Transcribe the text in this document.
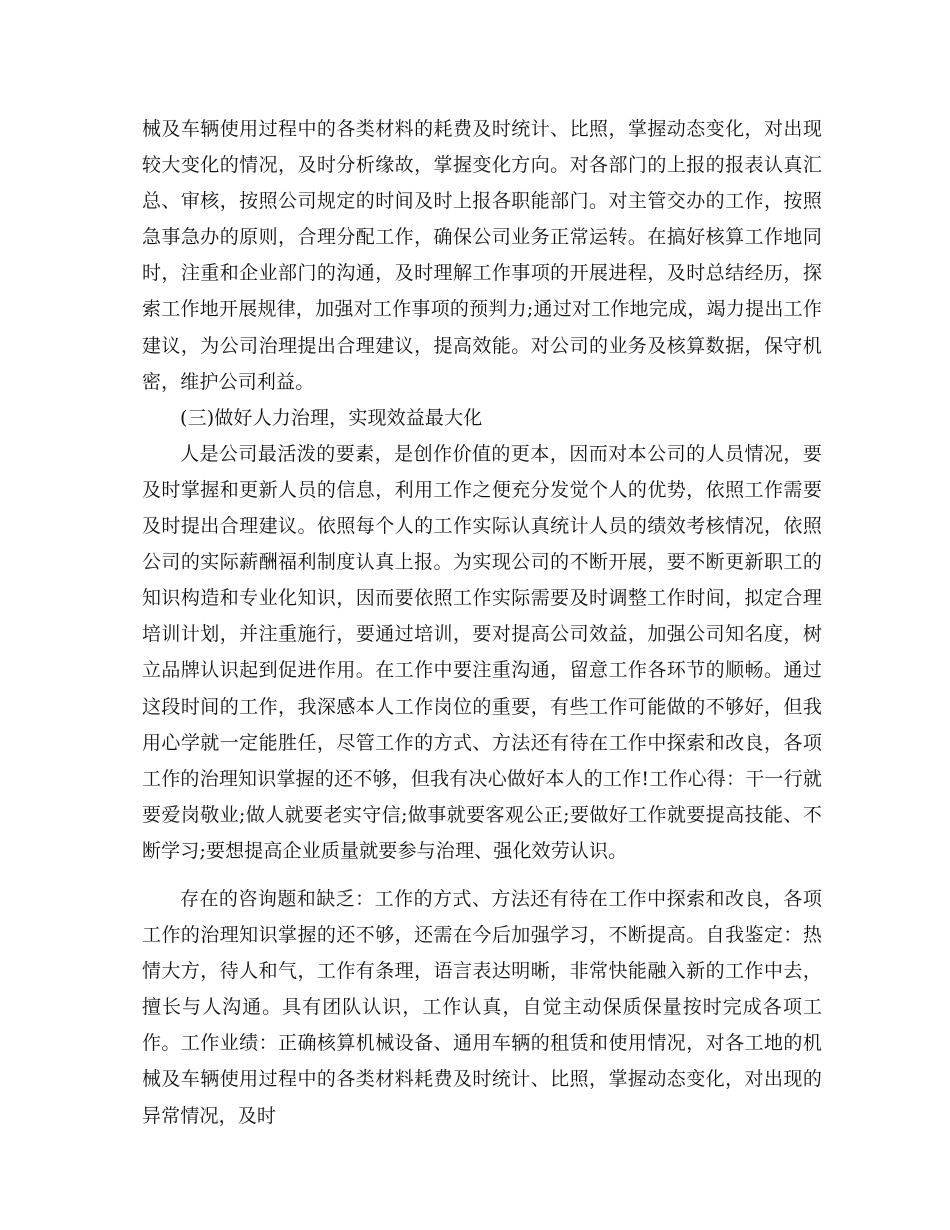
械及车辆使用过程中的各类材料的耗费及时统计、比照，掌握动态变化，对出现较大变化的情况，及时分析缘故，掌握变化方向。对各部门的上报的报表认真汇总、审核，按照公司规定的时间及时上报各职能部门。对主管交办的工作，按照急事急办的原则，合理分配工作，确保公司业务正常运转。在搞好核算工作地同时，注重和企业部门的沟通，及时理解工作事项的开展进程，及时总结经历，探索工作地开展规律，加强对工作事项的预判力;通过对工作地完成，竭力提出工作建议，为公司治理提出合理建议，提高效能。对公司的业务及核算数据，保守机密，维护公司利益。

(三)做好人力治理，实现效益最大化

人是公司最活泼的要素，是创作价值的更本，因而对本公司的人员情况，要及时掌握和更新人员的信息，利用工作之便充分发觉个人的优势，依照工作需要及时提出合理建议。依照每个人的工作实际认真统计人员的绩效考核情况，依照公司的实际薪酬福利制度认真上报。为实现公司的不断开展，要不断更新职工的知识构造和专业化知识，因而要依照工作实际需要及时调整工作时间，拟定合理培训计划，并注重施行，要通过培训，要对提高公司效益，加强公司知名度，树立品牌认识起到促进作用。在工作中要注重沟通，留意工作各环节的顺畅。通过这段时间的工作，我深感本人工作岗位的重要，有些工作可能做的不够好，但我用心学就一定能胜任，尽管工作的方式、方法还有待在工作中探索和改良，各项工作的治理知识掌握的还不够，但我有决心做好本人的工作!工作心得：干一行就要爱岗敬业;做人就要老实守信;做事就要客观公正;要做好工作就要提高技能、不断学习;要想提高企业质量就要参与治理、强化效劳认识。

存在的咨询题和缺乏：工作的方式、方法还有待在工作中探索和改良，各项工作的治理知识掌握的还不够，还需在今后加强学习，不断提高。自我鉴定：热情大方，待人和气，工作有条理，语言表达明晰，非常快能融入新的工作中去，擅长与人沟通。具有团队认识，工作认真，自觉主动保质保量按时完成各项工作。工作业绩：正确核算机械设备、通用车辆的租赁和使用情况，对各工地的机械及车辆使用过程中的各类材料耗费及时统计、比照，掌握动态变化，对出现的异常情况，及时
